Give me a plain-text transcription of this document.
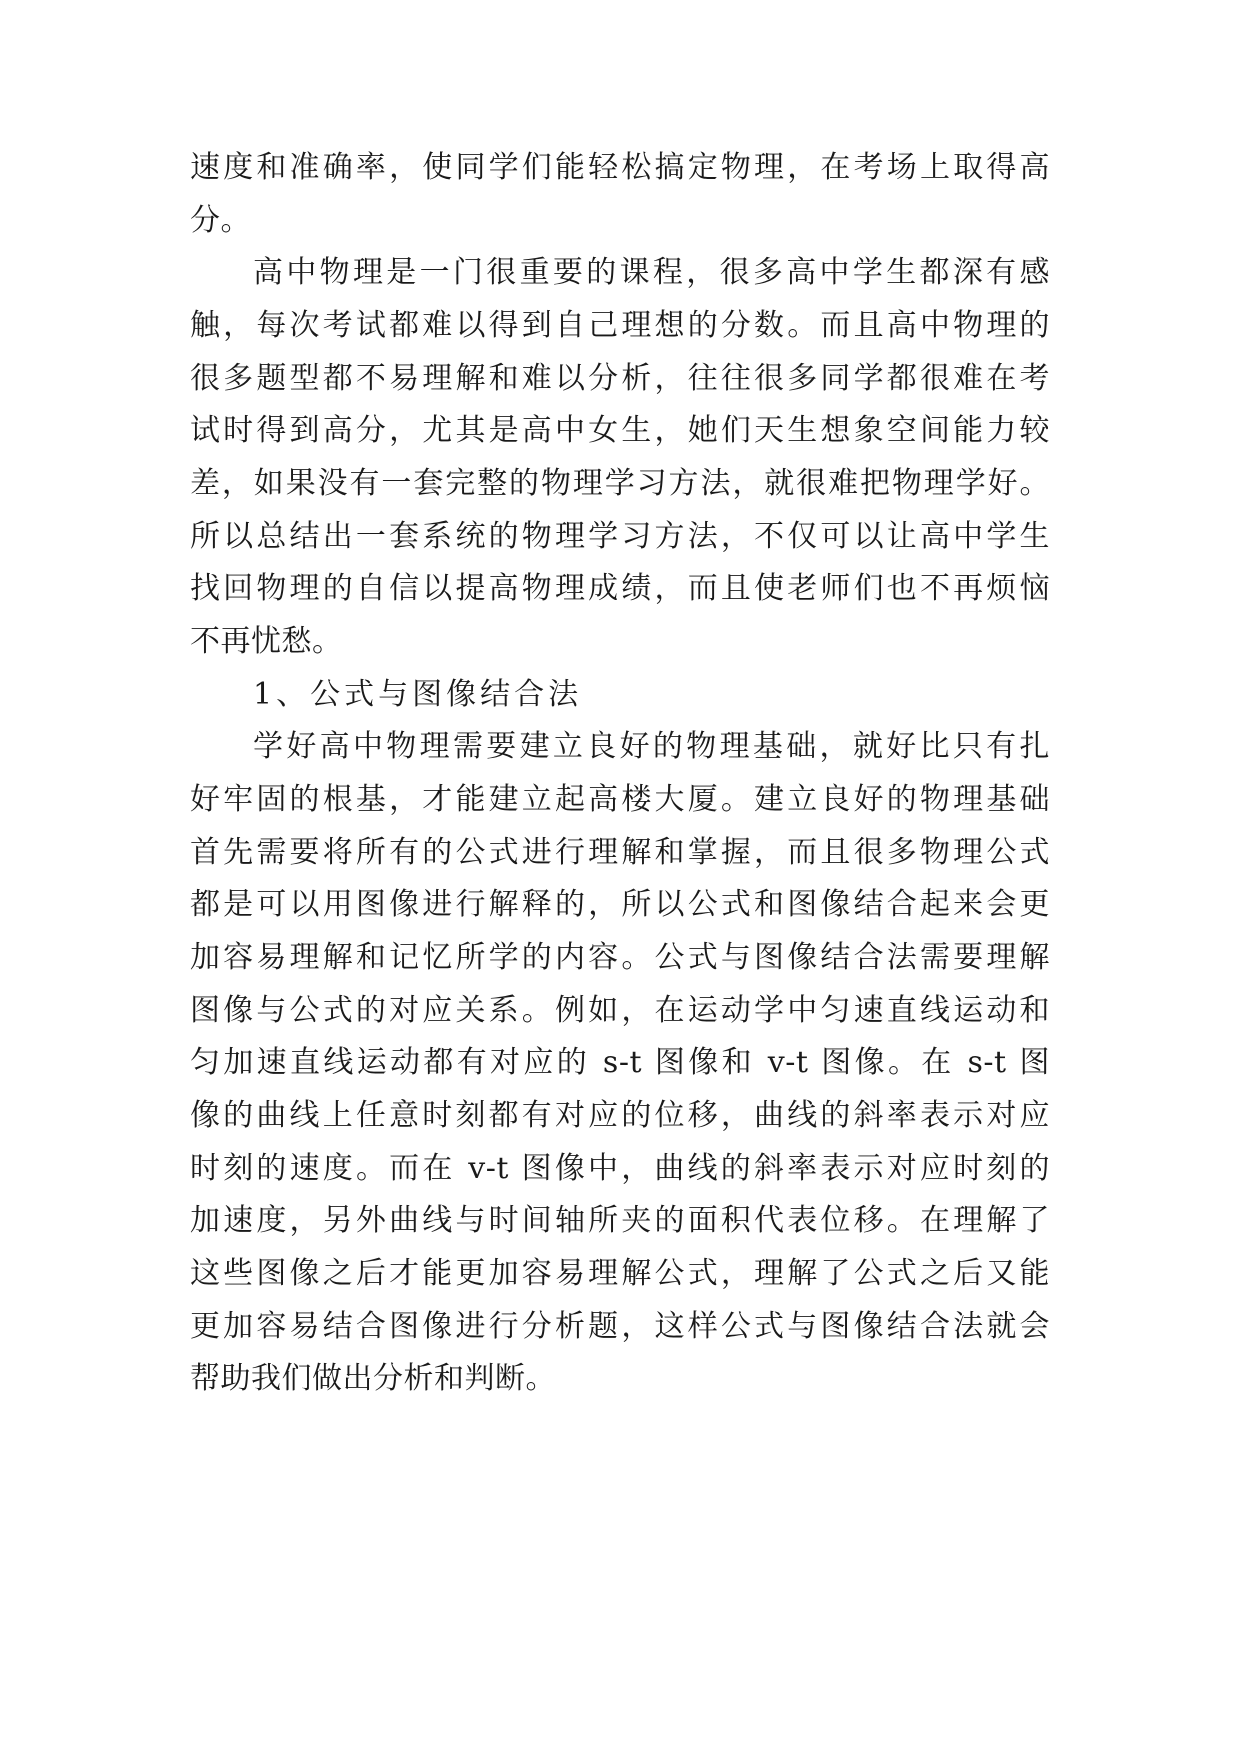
速度和准确率，使同学们能轻松搞定物理，在考场上取得高
分。
高中物理是一门很重要的课程，很多高中学生都深有感
触，每次考试都难以得到自己理想的分数。而且高中物理的
很多题型都不易理解和难以分析，往往很多同学都很难在考
试时得到高分，尤其是高中女生，她们天生想象空间能力较
差，如果没有一套完整的物理学习方法，就很难把物理学好。
所以总结出一套系统的物理学习方法，不仅可以让高中学生
找回物理的自信以提高物理成绩，而且使老师们也不再烦恼
不再忧愁。
1、公式与图像结合法
学好高中物理需要建立良好的物理基础，就好比只有扎
好牢固的根基，才能建立起高楼大厦。建立良好的物理基础
首先需要将所有的公式进行理解和掌握，而且很多物理公式
都是可以用图像进行解释的，所以公式和图像结合起来会更
加容易理解和记忆所学的内容。公式与图像结合法需要理解
图像与公式的对应关系。例如，在运动学中匀速直线运动和
匀加速直线运动都有对应的 s-t 图像和 v-t 图像。在 s-t 图
像的曲线上任意时刻都有对应的位移，曲线的斜率表示对应
时刻的速度。而在 v-t 图像中，曲线的斜率表示对应时刻的
加速度，另外曲线与时间轴所夹的面积代表位移。在理解了
这些图像之后才能更加容易理解公式，理解了公式之后又能
更加容易结合图像进行分析题，这样公式与图像结合法就会
帮助我们做出分析和判断。
